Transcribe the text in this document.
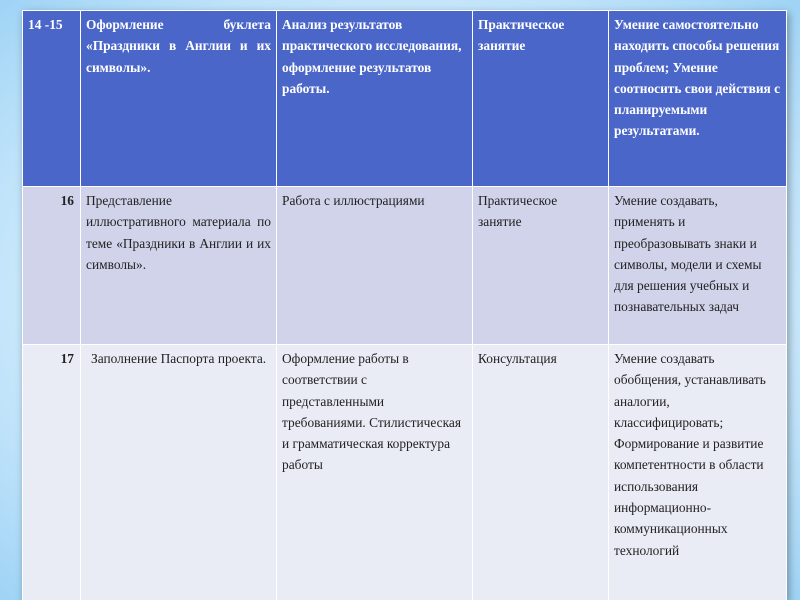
14 -15	Оформление буклета «Праздники в Англии и их символы».	Анализ результатов практического исследования, оформление результатов работы.	Практическое занятие	Умение самостоятельно находить способы решения проблем; Умение соотносить свои действия с планируемыми результатами.
16	Представление иллюстративного материала по теме «Праздники в Англии и их символы».	Работа с иллюстрациями	Практическое занятие	Умение создавать, применять и преобразовывать знаки и символы, модели и схемы для решения учебных и познавательных задач
17	Заполнение Паспорта проекта.	Оформление работы в соответствии с представленными требованиями. Стилистическая и грамматическая корректура работы	Консультация	Умение создавать обобщения, устанавливать аналогии, классифицировать; Формирование и развитие компетентности в области использования информационно-коммуникационных технологий
